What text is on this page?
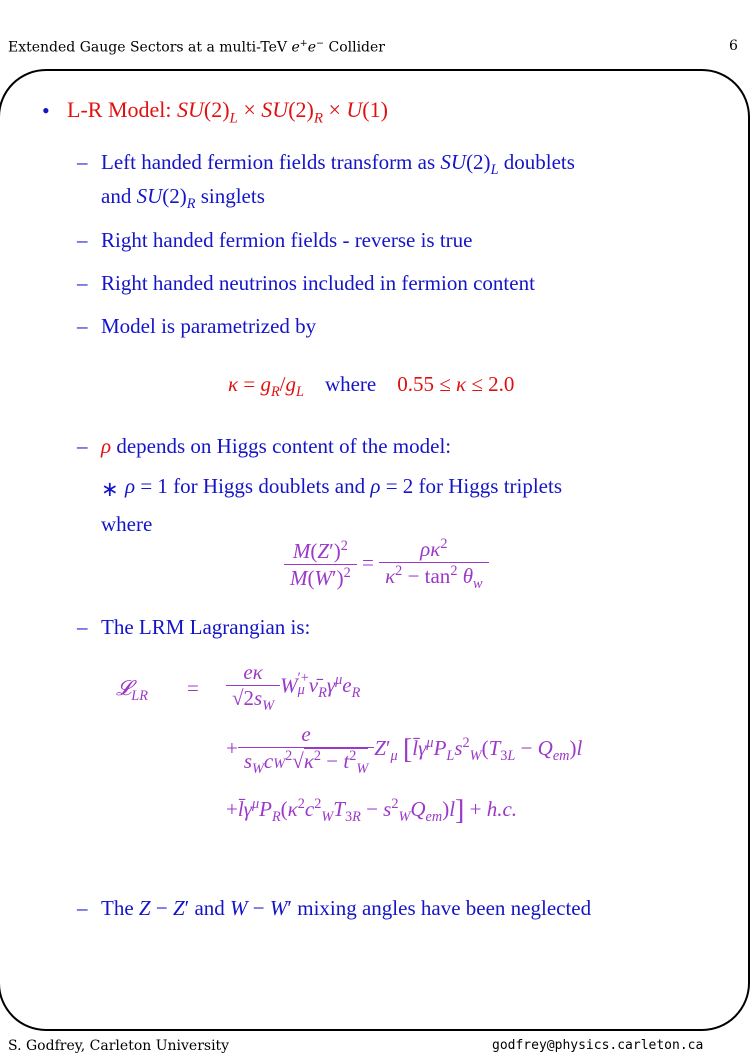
Extended Gauge Sectors at a multi-TeV e+e− Collider	6
• L-R Model: $SU(2)_L \times SU(2)_R \times U(1)$
– Left handed fermion fields transform as $SU(2)_L$ doublets
and $SU(2)_R$ singlets
– Right handed fermion fields - reverse is true
– Right handed neutrinos included in fermion content
– Model is parametrized by
$\kappa = g_R/g_L$ where 0.55 ≤ κ ≤ 2.0
– ρ depends on Higgs content of the model:
∗ ρ = 1 for Higgs doublets and ρ = 2 for Higgs triplets
where
$\frac{M(Z')^2}{M(W')^2} = \frac{\rho\kappa^2}{\kappa^2 - \tan^2 \theta_w}$
– The LRM Lagrangian is:
𝓛$_{LR}$ = $\frac{e\kappa}{√2s_W}$ W ′+
μ $\nū_R\gamma^\mu e_R$
+ $\frac{e}{s_WcW^2√\kappa^2 - t^2_W} Z'_\mu$ [$l̄\gamma^\mu P_Ls^2_W(T_{3L} - Q_{em})l$
$+l̄\gamma^\mu P_R(\kappa^2c^2_WT_{3R} - s^2_WQ_{em})l] + h.c$.
– The Z − Z′ and W − W′ mixing angles have been neglected
S. Godfrey, Carleton University	godfrey@physics.carleton.ca
